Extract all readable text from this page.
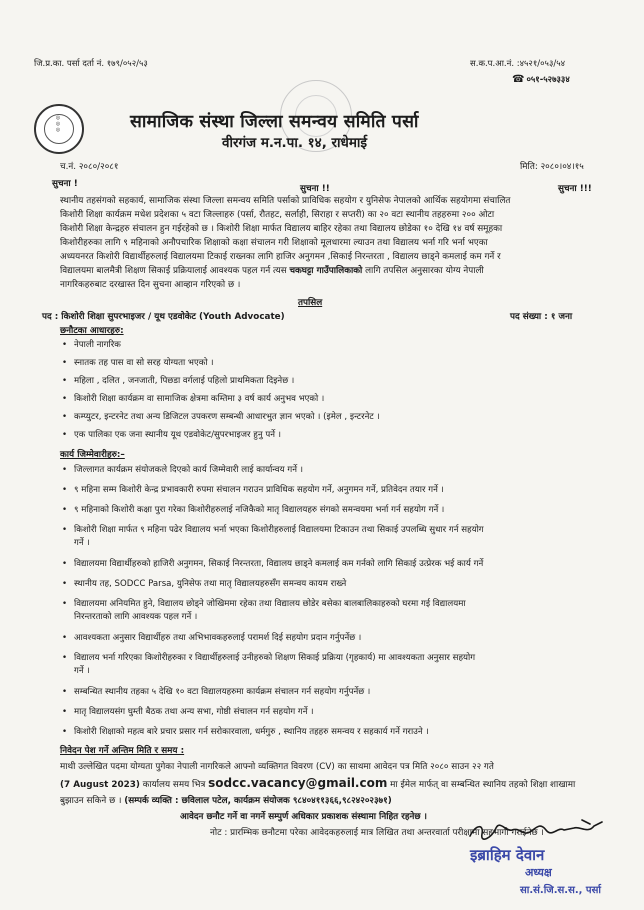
जि.प्र.का. पर्सा दर्ता नं. १७९/०५२/५३	स.क.प.आ.नं. :४५२१/०५३/५४
☎ ०५१-५२७३३४
◎◎◎	सामाजिक संस्था जिल्ला समन्वय समिति पर्सा
वीरगंज म.न.पा. १४, राधेमाई
च.नं. २०८०/२०८१	मिति: २०८०।०४।१५
सुचना !	सुचना !!	सुचना !!!
स्थानीय तहसंगको सहकार्य, सामाजिक संस्था जिल्ला समन्वय समिति पर्साको प्राविधिक सहयोग र युनिसेफ नेपालको आर्थिक सहयोगमा संचालित
किशोरी शिक्षा कार्यक्रम मधेश प्रदेशका ५ वटा जिल्लाहरु (पर्सा, रौतहट, सर्लाही, सिराहा र सप्तरी) का २० वटा स्थानीय तहहरुमा २०० ओटा
किशोरी शिक्षा केन्द्रहरु संचालन हुन गईरहेको छ । किशोरी शिक्षा मार्फत विद्यालय बाहिर रहेका तथा विद्यालय छोडेका १० देखि १४ वर्ष समूहका
किशोरीहरुका लागि ९ महिनाको अनौपचारिक शिक्षाको कक्षा संचालन गरी शिक्षाको मूलधारमा ल्याउन तथा विद्यालय भर्ना गरि भर्ना भएका
अध्ययनरत किशोरी विद्यार्थीहरुलाई विद्यालयमा टिकाई राख्नका लागि हाजिर अनुगमन ,सिकाई निरन्तरता , विद्यालय छाड्ने कमलाई कम गर्ने र
विद्यालयमा बालमैत्री शिक्षण सिकाई प्रक्रियालाई आवश्यक पहल गर्न त्यस चकघट्टा गाउँपालिकाको लागि तपसिल अनुसारका योग्य नेपाली
नागरिकहरुबाट दरखास्त दिन सुचना आव्हान गरिएको छ ।
तपसिल
पद : किशोरी शिक्षा सुपरभाइजर / यूथ एडवोकेट (Youth Advocate)	पद संख्या : १ जना
छनौटका आधारहरु:
• नेपाली नागरिक
• स्नातक तह पास वा सो सरह योग्यता भएको ।
• महिला , दलित , जनजाती, पिछडा वर्गलाई पहिलो प्राथमिकता दिइनेछ ।
• किशोरी शिक्षा कार्यक्रम वा सामाजिक क्षेत्रमा कम्तिमा ३ वर्ष कार्य अनुभव भएको ।
• कम्प्युटर, इन्टरनेट तथा अन्य डिजिटल उपकरण सम्बन्धी आधारभुत ज्ञान भएको । (इमेल , इन्टरनेट ।
• एक पालिका एक जना स्थानीय यूथ एडवोकेट/सुपरभाइजर हुनु पर्ने ।
कार्य जिम्मेवारीहरु:–
• जिल्लागत कार्यक्रम संयोजकले दिएको कार्य जिम्मेवारी लाई कार्यान्वय गर्ने ।
• ९ महिना सम्म किशोरी केन्द्र प्रभावकारी रुपमा संचालन गराउन प्राविधिक सहयोग गर्ने, अनुगमन गर्ने, प्रतिवेदन तयार गर्ने ।
• ९ महिनाको किशोरी कक्षा पुरा गरेका किशोरीहरुलाई नजिकैको मातृ विद्यालयहरु संगको समन्वयमा भर्ना गर्न सहयोग गर्ने ।
• किशोरी शिक्षा मार्फत ९ महिना पढेर विद्यालय भर्ना भएका किशोरीहरुलाई विद्यालयमा टिकाउन तथा सिकाई उपलब्धि सुधार गर्न सहयोग
गर्ने ।
• विद्यालयमा विद्यार्थीहरुको हाजिरी अनुगमन, सिकाई निरन्तरता, विद्यालय छाड्ने कमलाई कम गर्नको लागि सिकाई उत्प्रेरक भई कार्य गर्ने
• स्थानीय तह, SODCC Parsa, युनिसेफ तथा मातृ विद्यालयहरुसँग समन्वय कायम राख्ने
• विद्यालयमा अनियमित हुने, विद्यालय छोड्ने जोखिममा रहेका तथा विद्यालय छोडेर बसेका बालबालिकाहरुको घरमा गई विद्यालयमा
निरन्तरताको लागि आवश्यक पहल गर्ने ।
• आवश्यकता अनुसार विद्यार्थीहरु तथा अभिभावकहरुलाई परामर्श दिई सहयोग प्रदान गर्नुपर्नेछ ।
• विद्यालय भर्ना गरिएका किशोरीहरुका र विद्यार्थीहरुलाई उनीहरुको शिक्षण सिकाई प्रक्रिया (गृहकार्य) मा आवश्यकता अनुसार सहयोग
गर्ने ।
• सम्बन्धित स्थानीय तहका ५ देखि १० वटा विद्यालयहरुमा कार्यक्रम संचालन गर्न सहयोग गर्नुपर्नेछ ।
• मातृ विद्यालयसंग घुम्ती बैठक तथा अन्य सभा, गोष्ठी संचालन गर्न सहयोग गर्ने ।
• किशोरी शिक्षाको महत्व बारे प्रचार प्रसार गर्न सरोकारवाला, धर्मगुरु , स्थानिय तहहरु समन्वय र सहकार्य गर्ने गराउने ।
निवेदन पेश गर्ने अन्तिम मिति र समय :
माथी उल्लेखित पदमा योग्यता पुगेका नेपाली नागरिकले आफ्नो व्यक्तिगत विवरण (CV) का साथमा आवेदन पत्र मिति २०८० साउन २२ गते
(7 August 2023) कार्यालय समय भित्र sodcc.vacancy@gmail.com मा ईमेल मार्फत् वा सम्बन्धित स्थानिय तहको शिक्षा शाखामा
बुझाउन सकिने छ । (सम्पर्क व्यक्ति : छविलाल पटेल, कार्यक्रम संयोजक ९८४०४११३६६,९८२४२०२३७१)
आवेदन छनौट गर्ने वा नगर्ने सम्पुर्ण अधिकार प्रकाशक संस्थामा निहित रहनेछ ।
नोट : प्रारम्भिक छनौटमा परेका आवेदकहरुलाई मात्र लिखित तथा अन्तरवार्ता परीक्षामा सहभागी गराईनेछ ।
इब्राहिम देवान
अध्यक्ष
सा.सं.जि.स.स., पर्सा
